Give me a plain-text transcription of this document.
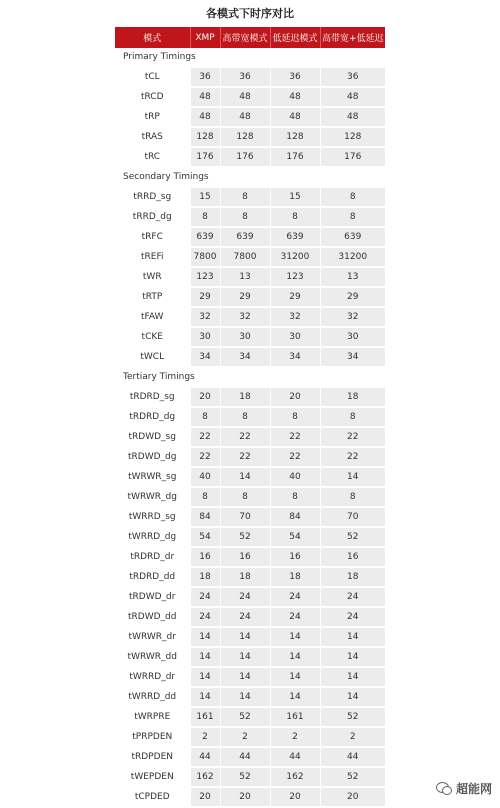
各模式下时序对比
模式	XMP	高带宽模式	低延迟模式	高带宽+低延迟
Primary Timings				
tCL	36	36	36	36
tRCD	48	48	48	48
tRP	48	48	48	48
tRAS	128	128	128	128
tRC	176	176	176	176
Secondary Timings				
tRRD_sg	15	8	15	8
tRRD_dg	8	8	8	8
tRFC	639	639	639	639
tREFi	7800	7800	31200	31200
tWR	123	13	123	13
tRTP	29	29	29	29
tFAW	32	32	32	32
tCKE	30	30	30	30
tWCL	34	34	34	34
Tertiary Timings				
tRDRD_sg	20	18	20	18
tRDRD_dg	8	8	8	8
tRDWD_sg	22	22	22	22
tRDWD_dg	22	22	22	22
tWRWR_sg	40	14	40	14
tWRWR_dg	8	8	8	8
tWRRD_sg	84	70	84	70
tWRRD_dg	54	52	54	52
tRDRD_dr	16	16	16	16
tRDRD_dd	18	18	18	18
tRDWD_dr	24	24	24	24
tRDWD_dd	24	24	24	24
tWRWR_dr	14	14	14	14
tWRWR_dd	14	14	14	14
tWRRD_dr	14	14	14	14
tWRRD_dd	14	14	14	14
tWRPRE	161	52	161	52
tPRPDEN	2	2	2	2
tRDPDEN	44	44	44	44
tWEPDEN	162	52	162	52
tCPDED	20	20	20	20
超能网
